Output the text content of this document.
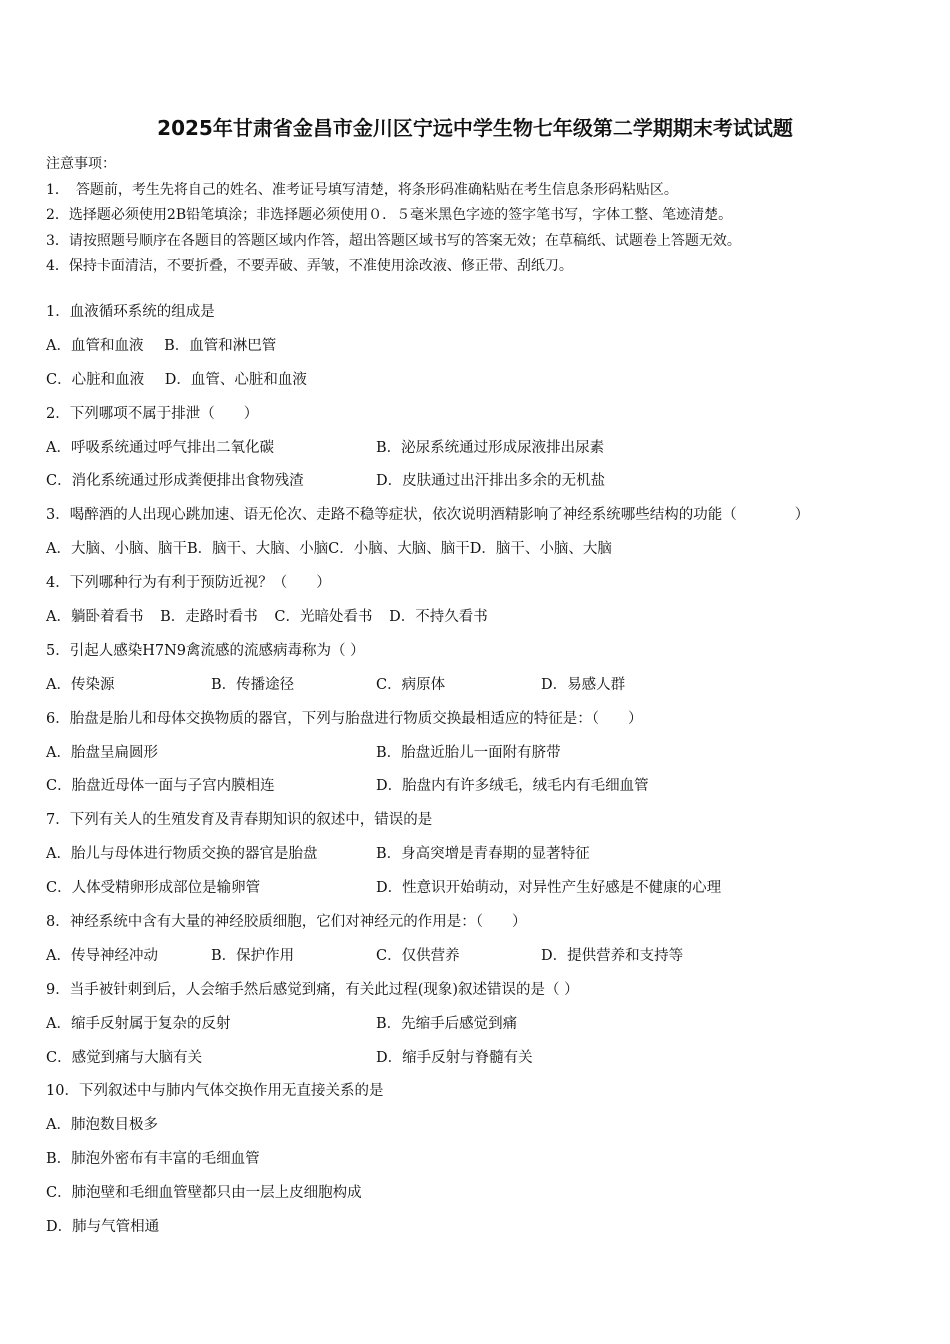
2025年甘肃省金昌市金川区宁远中学生物七年级第二学期期末考试试题
注意事项：
1．　答题前，考生先将自己的姓名、准考证号填写清楚，将条形码准确粘贴在考生信息条形码粘贴区。
2．选择题必须使用2B铅笔填涂；非选择题必须使用０．５毫米黑色字迹的签字笔书写，字体工整、笔迹清楚。
3．请按照题号顺序在各题目的答题区域内作答，超出答题区域书写的答案无效；在草稿纸、试题卷上答题无效。
4．保持卡面清洁，不要折叠，不要弄破、弄皱，不准使用涂改液、修正带、刮纸刀。
1．血液循环系统的组成是
A．血管和血液 B．血管和淋巴管
C．心脏和血液 D．血管、心脏和血液
2．下列哪项不属于排泄（　　）
A．呼吸系统通过呼气排出二氧化碳	B．泌尿系统通过形成尿液排出尿素
C．消化系统通过形成粪便排出食物残渣	D．皮肤通过出汗排出多余的无机盐
3．喝醉酒的人出现心跳加速、语无伦次、走路不稳等症状，依次说明酒精影响了神经系统哪些结构的功能（　　　　）
A．大脑、小脑、脑干B．脑干、大脑、小脑C．小脑、大脑、脑干D．脑干、小脑、大脑
4．下列哪种行为有利于预防近视？（　　）
A．躺卧着看书 B．走路时看书 C．光暗处看书 D．不持久看书
5．引起人感染H7N9禽流感的流感病毒称为（ ）
A．传染源	B．传播途径	C．病原体	D．易感人群
6．胎盘是胎儿和母体交换物质的器官，下列与胎盘进行物质交换最相适应的特征是：（　　）
A．胎盘呈扁圆形	B．胎盘近胎儿一面附有脐带
C．胎盘近母体一面与子宫内膜相连	D．胎盘内有许多绒毛，绒毛内有毛细血管
7．下列有关人的生殖发育及青春期知识的叙述中，错误的是
A．胎儿与母体进行物质交换的器官是胎盘	B．身高突增是青春期的显著特征
C．人体受精卵形成部位是输卵管	D．性意识开始萌动，对异性产生好感是不健康的心理
8．神经系统中含有大量的神经胶质细胞，它们对神经元的作用是：（　　）
A．传导神经冲动	B．保护作用	C．仅供营养	D．提供营养和支持等
9．当手被针刺到后，人会缩手然后感觉到痛，有关此过程(现象)叙述错误的是（ ）
A．缩手反射属于复杂的反射	B．先缩手后感觉到痛
C．感觉到痛与大脑有关	D．缩手反射与脊髓有关
10．下列叙述中与肺内气体交换作用无直接关系的是
A．肺泡数目极多
B．肺泡外密布有丰富的毛细血管
C．肺泡壁和毛细血管壁都只由一层上皮细胞构成
D．肺与气管相通
